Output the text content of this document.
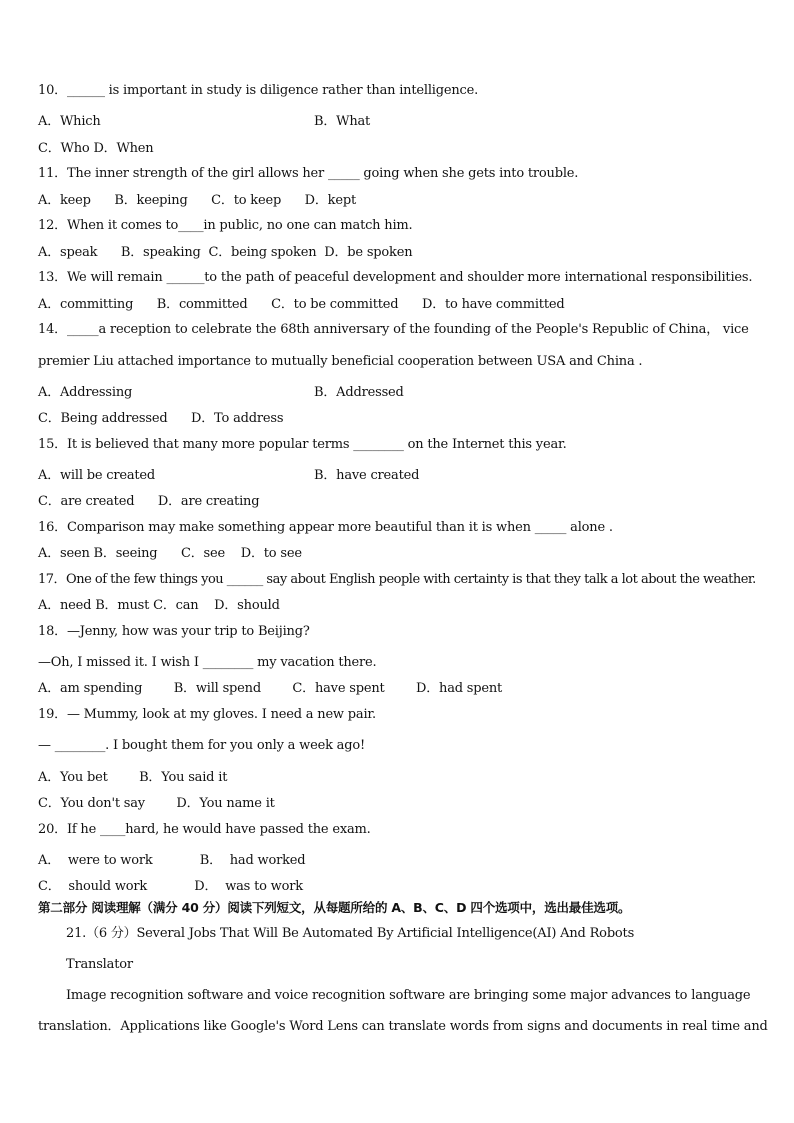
10．______ is important in study is diligence rather than intelligence.
A．Which	B．What
C．Who D．When
11．The inner strength of the girl allows her _____ going when she gets into trouble.
A．keep      B．keeping      C．to keep      D．kept
12．When it comes to____in public, no one can match him.
A．speak      B．speaking  C．being spoken  D．be spoken
13．We will remain ______to the path of peaceful development and shoulder more international responsibilities.
A．committing      B．committed      C．to be committed      D．to have committed
14．_____a reception to celebrate the 68th anniversary of the founding of the People's Republic of China， vice
premier Liu attached importance to mutually beneficial cooperation between USA and China .
A．Addressing	B．Addressed
C．Being addressed      D．To address
15．It is believed that many more popular terms ________ on the Internet this year.
A．will be created	B．have created
C．are created      D．are creating
16．Comparison may make something appear more beautiful than it is when _____ alone .
A．seen B．seeing      C．see    D．to see
17．One of the few things you ______ say about English people with certainty is that they talk a lot about the weather.
A．need B．must C．can    D．should
18．—Jenny, how was your trip to Beijing?
—Oh, I missed it. I wish I ________ my vacation there.
A．am spending        B．will spend        C．have spent        D．had spent
19．— Mummy, look at my gloves. I need a new pair.
— ________. I bought them for you only a week ago!
A．You bet        B．You said it
C．You don't say        D．You name it
20．If he ____hard, he would have passed the exam.
A．  were to work            B．  had worked
C．  should work            D．  was to work
第二部分 阅读理解（满分 40 分）阅读下列短文，从每题所给的 A、B、C、D 四个选项中，选出最佳选项。
21.（6 分）Several Jobs That Will Be Automated By Artificial Intelligence(AI) And Robots
Translator
Image recognition software and voice recognition software are bringing some major advances to language
translation．Applications like Google's Word Lens can translate words from signs and documents in real time and
